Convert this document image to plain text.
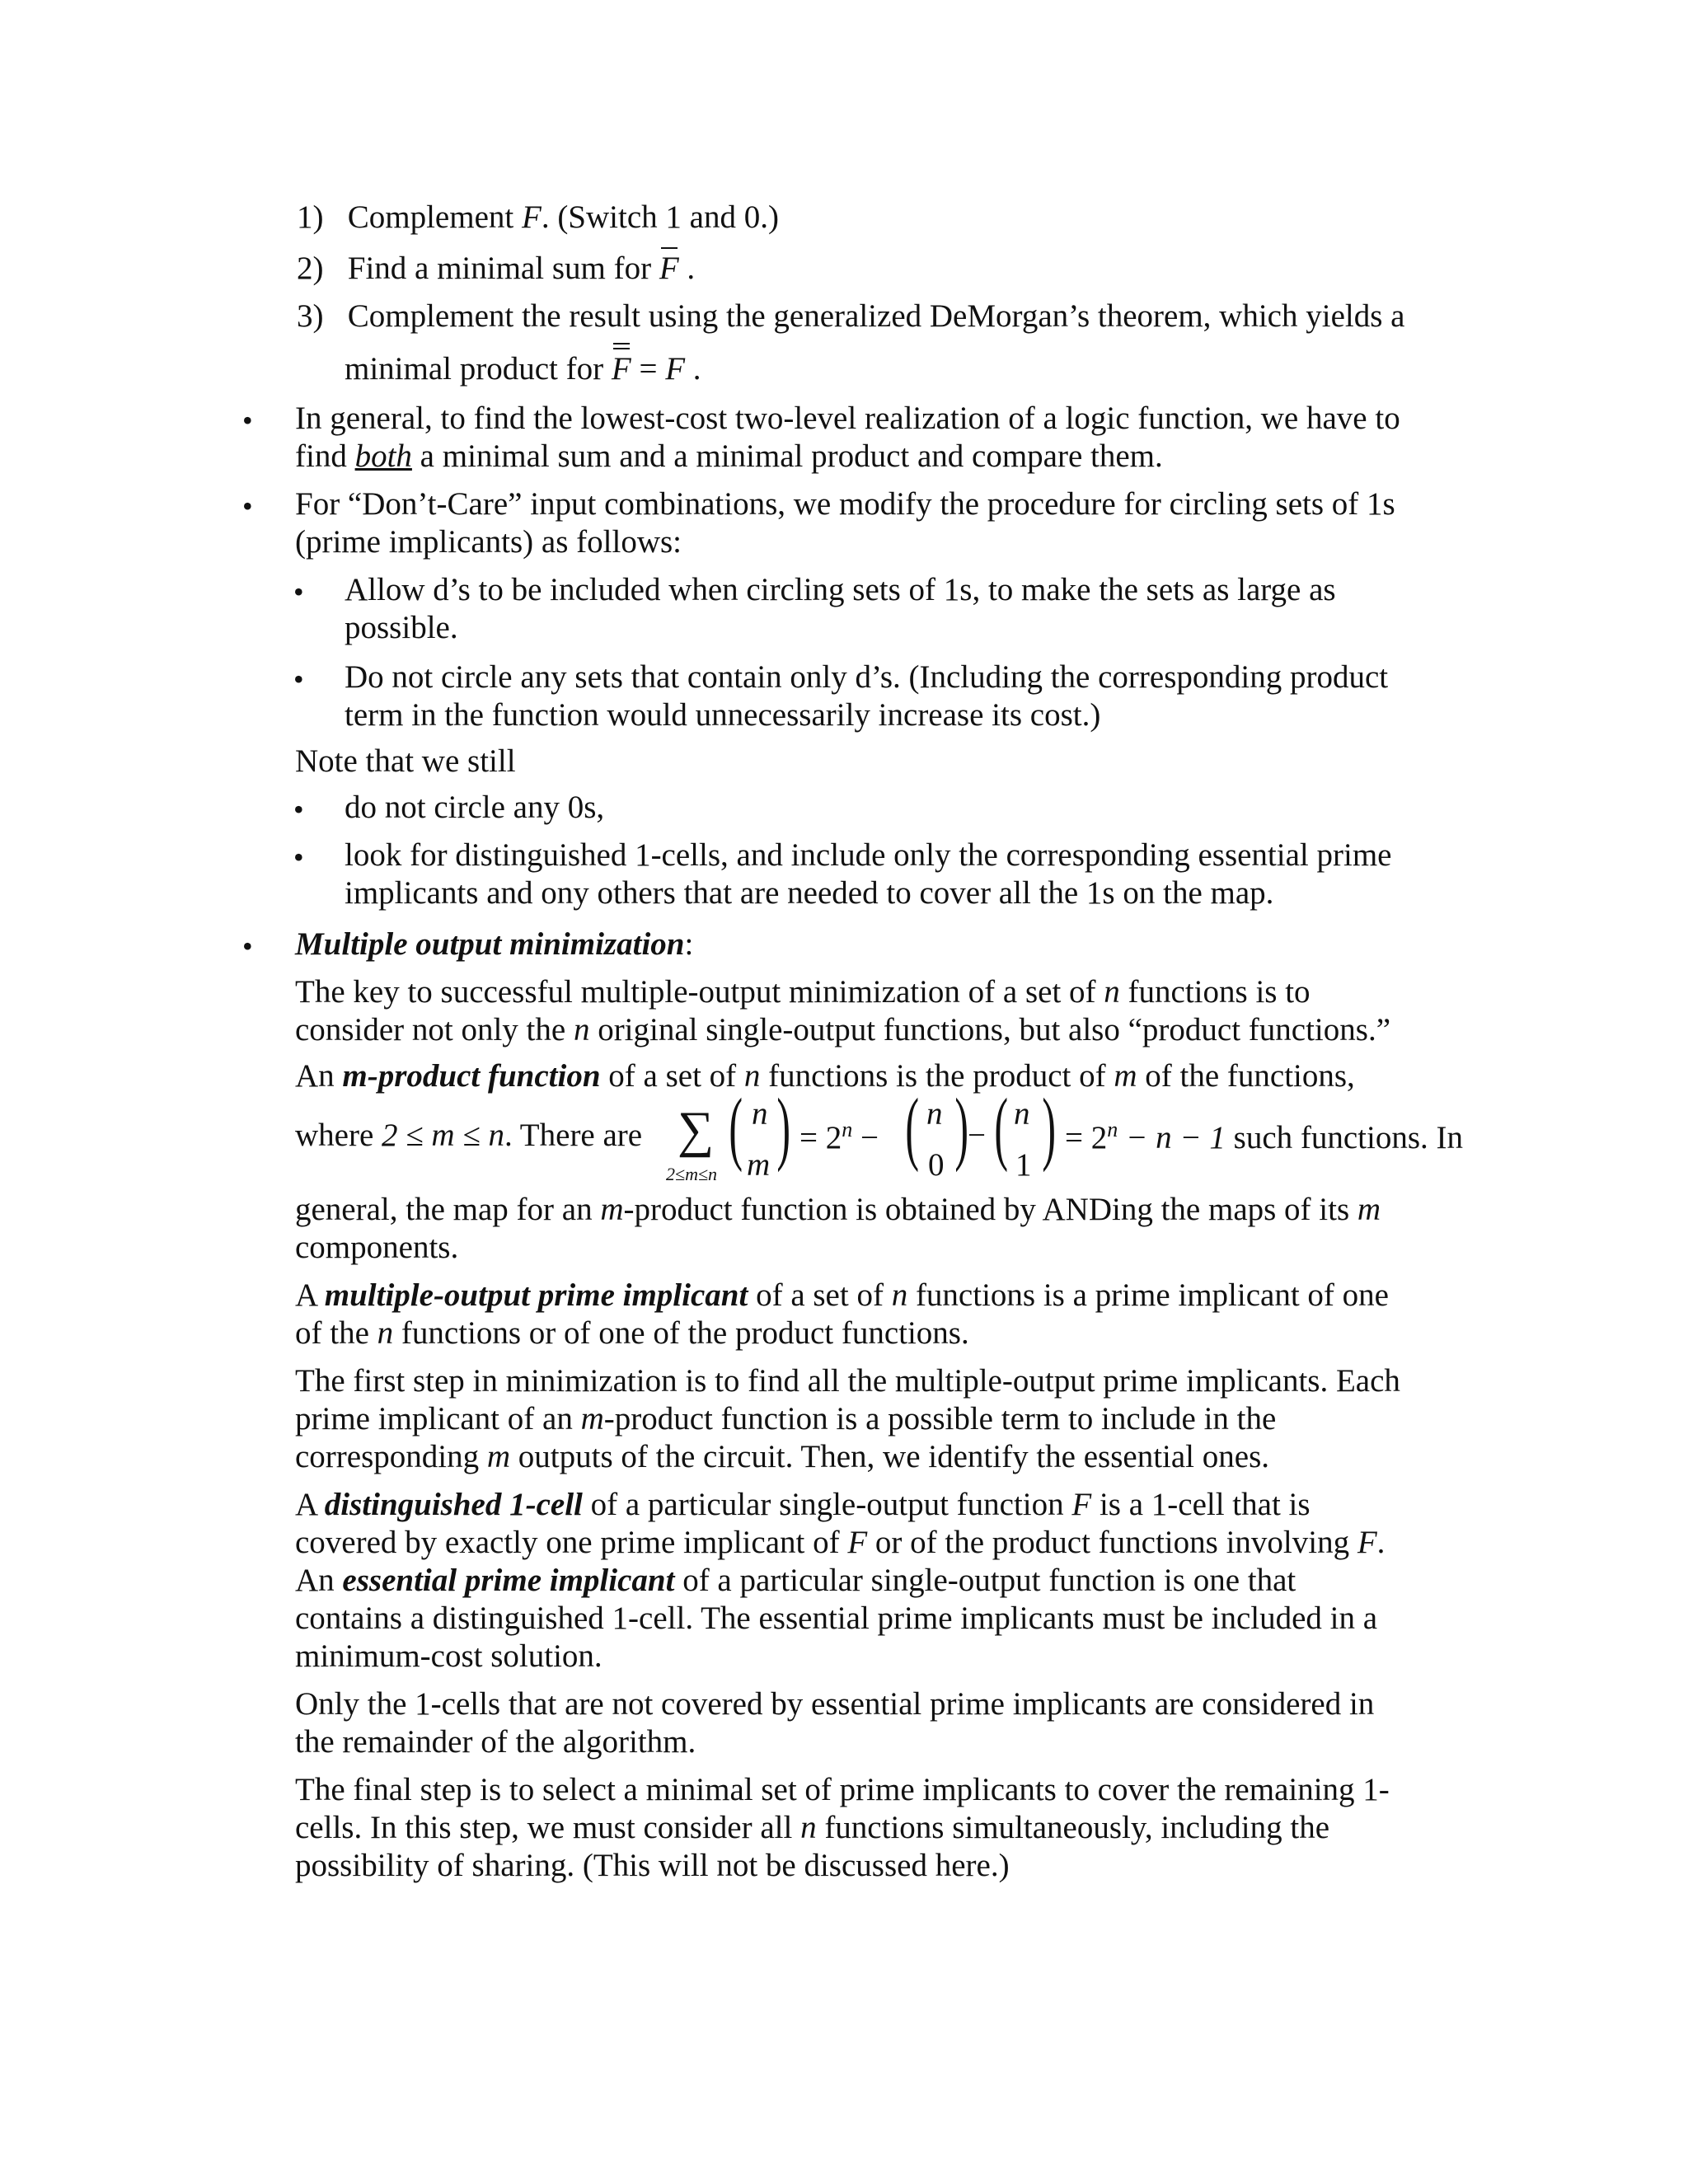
1) Complement F. (Switch 1 and 0.)
2) Find a minimal sum for
F .
3) Complement the result using the generalized DeMorgan’s theorem, which yields a
minimal product for
F = F .
• In general, to find the lowest-cost two-level realization of a logic function, we have to
find both a minimal sum and a minimal product and compare them.
• For “Don’t-Care” input combinations, we modify the procedure for circling sets of 1s
(prime implicants) as follows:
• Allow d’s to be included when circling sets of 1s, to make the sets as large as
possible.
• Do not circle any sets that contain only d’s. (Including the corresponding product
term in the function would unnecessarily increase its cost.)
Note that we still
• do not circle any 0s,
• look for distinguished 1-cells, and include only the corresponding essential prime
implicants and ony others that are needed to cover all the 1s on the map.
• Multiple output minimization:
The key to successful multiple-output minimization of a set of n functions is to
consider not only the n original single-output functions, but also “product functions.”
An m-product function of a set of n functions is the product of m of the functions,
where 2 ≤ m ≤ n. There are ∑
2≤m≤n
( n
m ) = $2^n$ − ( n
0 ) − ( n
1 ) = $2^n - n - 1$ such functions. In
general, the map for an m-product function is obtained by ANDing the maps of its m
components.
A multiple-output prime implicant of a set of n functions is a prime implicant of one
of the n functions or of one of the product functions.
The first step in minimization is to find all the multiple-output prime implicants. Each
prime implicant of an m-product function is a possible term to include in the
corresponding m outputs of the circuit. Then, we identify the essential ones.
A distinguished 1-cell of a particular single-output function F is a 1-cell that is
covered by exactly one prime implicant of F or of the product functions involving F.
An essential prime implicant of a particular single-output function is one that
contains a distinguished 1-cell. The essential prime implicants must be included in a
minimum-cost solution.
Only the 1-cells that are not covered by essential prime implicants are considered in
the remainder of the algorithm.
The final step is to select a minimal set of prime implicants to cover the remaining 1-
cells. In this step, we must consider all n functions simultaneously, including the
possibility of sharing. (This will not be discussed here.)
